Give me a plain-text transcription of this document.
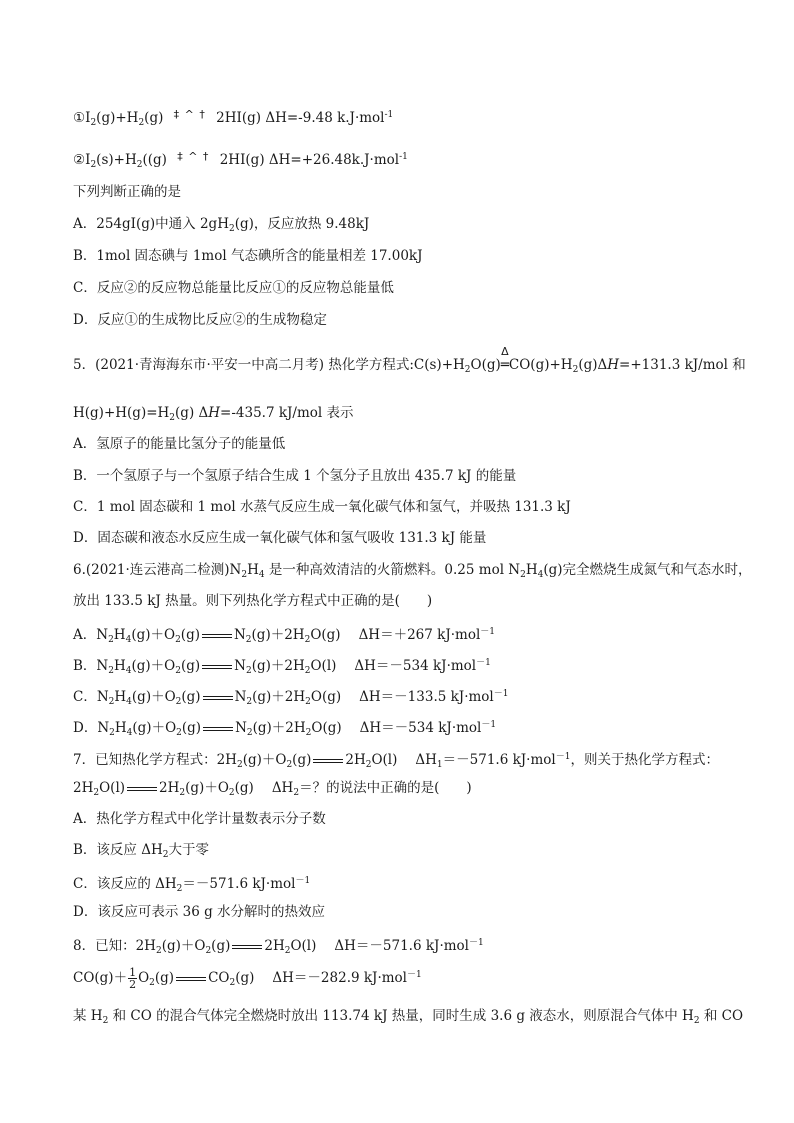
$①I_2(g)+H_2(g)$ ‡ ^ † 2HI(g) ΔH=-9.48 k.J·mol$^{-1}$
$②I_2(s)+H_2((g)$ ‡ ^ † 2HI(g) ΔH=+26.48k.J·mol$^{-1}$
下列判断正确的是
A．254gI(g)中通入 $2gH_2(g)$，反应放热 9.48kJ
B．1mol 固态碘与 1mol 气态碘所含的能量相差 17.00kJ
C．反应②的反应物总能量比反应①的反应物总能量低
D．反应①的生成物比反应②的生成物稳定
5．(2021·青海海东市·平安一中高二月考) 热化学方程式$:C(s)+H_2O(g)$
Δ
$═CO(g)+H_2(g)\Delta H=+131.3$ kJ/mol 和
$H(g)+H(g)=H_2(g)$ ΔH=-435.7 kJ/mol 表示
A．氢原子的能量比氢分子的能量低
B．一个氢原子与一个氢原子结合生成 1 个氢分子且放出 435.7 kJ 的能量
C．1 mol 固态碳和 1 mol 水蒸气反应生成一氧化碳气体和氢气，并吸热 131.3 kJ
D．固态碳和液态水反应生成一氧化碳气体和氢气吸收 131.3 kJ 能量
6.(2021·连云港高二检测)$N_2H_4$ 是一种高效清洁的火箭燃料。0.25 mol $N_2H_4(g)$完全燃烧生成氮气和气态水时，
放出 133.5 kJ 热量。则下列热化学方程式中正确的是(　　)
A．$N_2H_4(g)+O_2(g)$	$N_2(g)+2H_2O(g)$ ΔH＝＋267 kJ·mol$^{-1}$
B．$N_2H_4(g)+O_2(g)$	$N_2(g)+2H_2O(l)$ ΔH＝－534 kJ·mol$^{-1}$
C．$N_2H_4(g)+O_2(g)$	$N_2(g)+2H_2O(g)$ ΔH＝－133.5 kJ·mol$^{-1}$
D．$N_2H_4(g)+O_2(g)$	$N_2(g)+2H_2O(g)$ ΔH＝－534 kJ·mol$^{-1}$
7．已知热化学方程式：$2H_2(g)+O_2(g)$	$2H_2O(l)$ $\Delta H_1=-571.6$ kJ·mol$^{-1}$，则关于热化学方程式：
$2H_2O(l)$	$2H_2(g)+O_2(g)$ $\Delta H_2=$？的说法中正确的是(　　)
A．热化学方程式中化学计量数表示分子数
B．该反应 $\Delta H_2$大于零
C．该反应的 $\Delta H_2=-571.6$ kJ·mol$^{-1}$
D．该反应可表示 36 g 水分解时的热效应
8．已知：$2H_2(g)+O_2(g)$	$2H_2O(l)$ ΔH＝－571.6 kJ·mol$^{-1}$
$CO(g)+ \frac{1}{2} O_2(g)$	$CO_2(g)$ ΔH＝－282.9 kJ·mol$^{-1}$
某 $H_2$ 和 CO 的混合气体完全燃烧时放出 113.74 kJ 热量，同时生成 3.6 g 液态水，则原混合气体中 $H_2$ 和 CO
